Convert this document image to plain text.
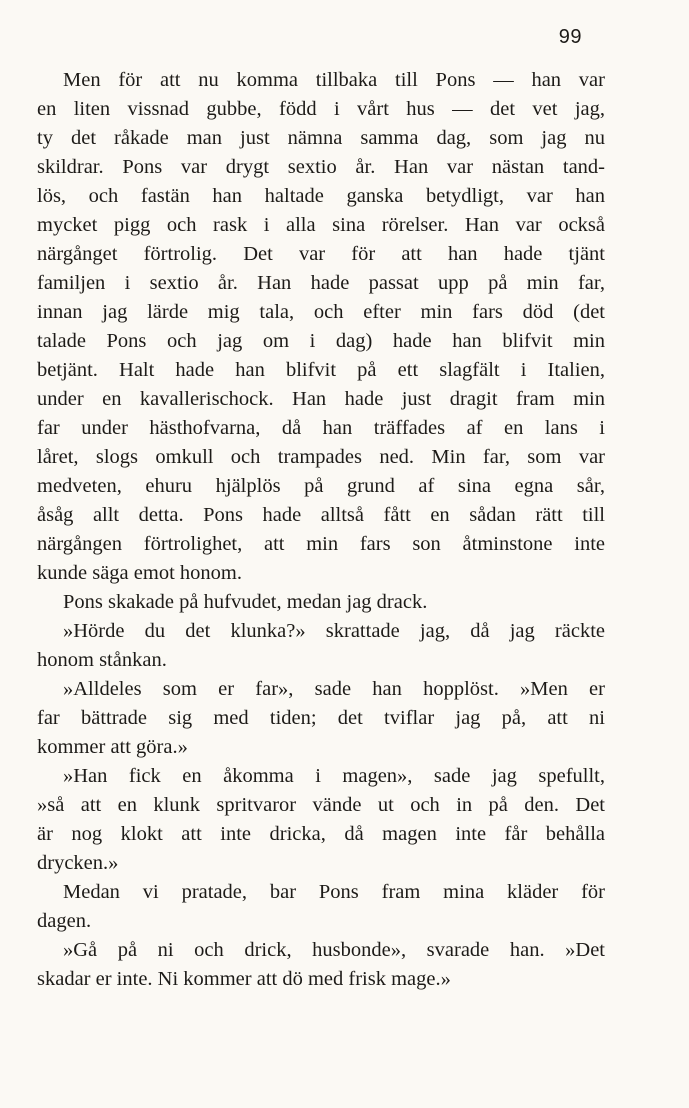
99
Men för att nu komma tillbaka till Pons — han var
en liten vissnad gubbe, född i vårt hus — det vet jag,
ty det råkade man just nämna samma dag, som jag nu
skildrar. Pons var drygt sextio år. Han var nästan tand-
lös, och fastän han haltade ganska betydligt, var han
mycket pigg och rask i alla sina rörelser. Han var också
närgånget förtrolig. Det var för att han hade tjänt
familjen i sextio år. Han hade passat upp på min far,
innan jag lärde mig tala, och efter min fars död (det
talade Pons och jag om i dag) hade han blifvit min
betjänt. Halt hade han blifvit på ett slagfält i Italien,
under en kavallerischock. Han hade just dragit fram min
far under hästhofvarna, då han träffades af en lans i
låret, slogs omkull och trampades ned. Min far, som var
medveten, ehuru hjälplös på grund af sina egna sår,
åsåg allt detta. Pons hade alltså fått en sådan rätt till
närgången förtrolighet, att min fars son åtminstone inte
kunde säga emot honom.
Pons skakade på hufvudet, medan jag drack.
»Hörde du det klunka?» skrattade jag, då jag räckte
honom stånkan.
»Alldeles som er far», sade han hopplöst. »Men er
far bättrade sig med tiden; det tviflar jag på, att ni
kommer att göra.»
»Han fick en åkomma i magen», sade jag spefullt,
»så att en klunk spritvaror vände ut och in på den. Det
är nog klokt att inte dricka, då magen inte får behålla
drycken.»
Medan vi pratade, bar Pons fram mina kläder för
dagen.
»Gå på ni och drick, husbonde», svarade han. »Det
skadar er inte. Ni kommer att dö med frisk mage.»
